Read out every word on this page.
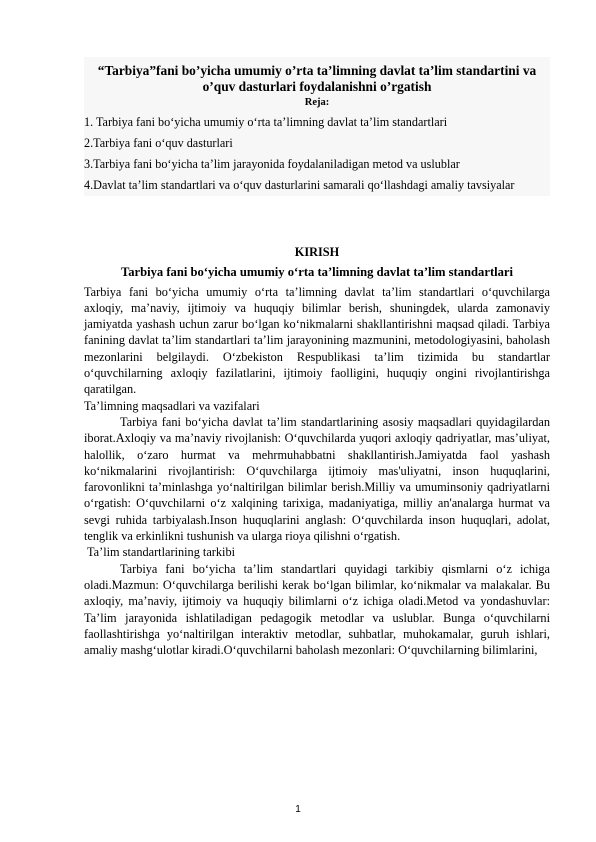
“Tarbiya”fani bo’yicha umumiy o’rta ta’limning davlat ta’lim standartini va o’quv dasturlari foydalanishni o’rgatish

Reja:

1. Tarbiya fani bo‘yicha umumiy o‘rta ta’limning davlat ta’lim standartlari
2.Tarbiya fani o‘quv dasturlari
3.Tarbiya fani bo‘yicha ta’lim jarayonida foydalaniladigan metod va uslublar
4.Davlat ta’lim standartlari va o‘quv dasturlarini samarali qo‘llashdagi amaliy tavsiyalar

KIRISH

Tarbiya fani bo‘yicha umumiy o‘rta ta’limning davlat ta’lim standartlari

Tarbiya fani bo‘yicha umumiy o‘rta ta’limning davlat ta’lim standartlari o‘quvchilarga axloqiy, ma’naviy, ijtimoiy va huquqiy bilimlar berish, shuningdek, ularda zamonaviy jamiyatda yashash uchun zarur bo‘lgan ko‘nikmalarni shakllantirishni maqsad qiladi. Tarbiya fanining davlat ta’lim standartlari ta’lim jarayonining mazmunini, metodologiyasini, baholash mezonlarini belgilaydi. O‘zbekiston Respublikasi ta’lim tizimida bu standartlar o‘quvchilarning axloqiy fazilatlarini, ijtimoiy faolligini, huquqiy ongini rivojlantirishga qaratilgan.

Ta’limning maqsadlari va vazifalari

Tarbiya fani bo‘yicha davlat ta’lim standartlarining asosiy maqsadlari quyidagilardan iborat.Axloqiy va ma’naviy rivojlanish: O‘quvchilarda yuqori axloqiy qadriyatlar, mas’uliyat, halollik, o‘zaro hurmat va mehrmuhabbatni shakllantirish.Jamiyatda faol yashash ko‘nikmalarini rivojlantirish: O‘quvchilarga ijtimoiy mas'uliyatni, inson huquqlarini, farovonlikni ta’minlashga yo‘naltirilgan bilimlar berish.Milliy va umuminsoniy qadriyatlarni o‘rgatish: O‘quvchilarni o‘z xalqining tarixiga, madaniyatiga, milliy an'analarga hurmat va sevgi ruhida tarbiyalash.Inson huquqlarini anglash: O‘quvchilarda inson huquqlari, adolat, tenglik va erkinlikni tushunish va ularga rioya qilishni o‘rgatish.

Ta’lim standartlarining tarkibi

Tarbiya fani bo‘yicha ta’lim standartlari quyidagi tarkibiy qismlarni o‘z ichiga oladi.Mazmun: O‘quvchilarga berilishi kerak bo‘lgan bilimlar, ko‘nikmalar va malakalar. Bu axloqiy, ma’naviy, ijtimoiy va huquqiy bilimlarni o‘z ichiga oladi.Metod va yondashuvlar: Ta’lim jarayonida ishlatiladigan pedagogik metodlar va uslublar. Bunga o‘quvchilarni faollashtirishga yo‘naltirilgan interaktiv metodlar, suhbatlar, muhokamalar, guruh ishlari, amaliy mashg‘ulotlar kiradi.O‘quvchilarni baholash mezonlari: O‘quvchilarning bilimlarini,

1
